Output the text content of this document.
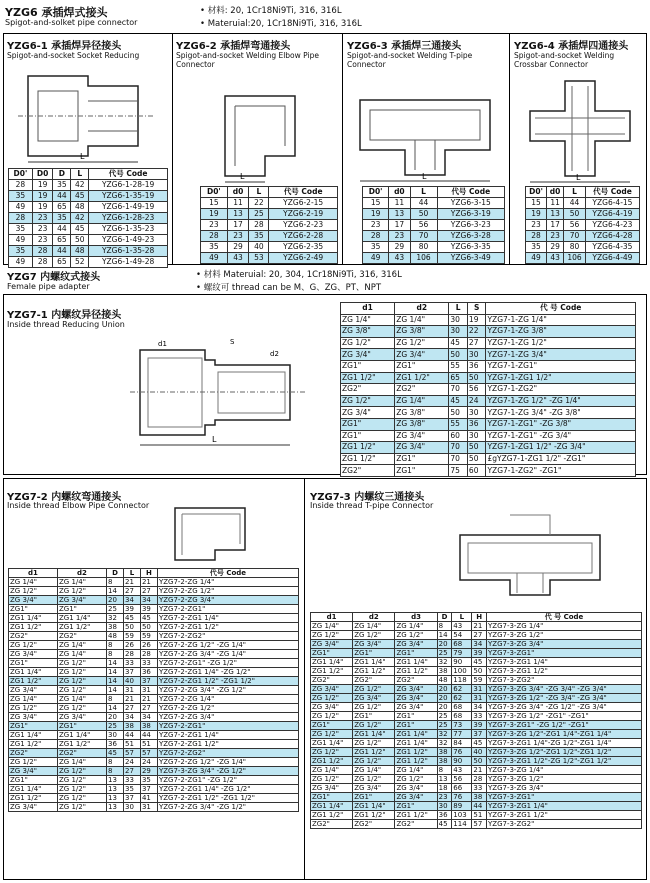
YZG6 承插焊式接头
Spigot-and-solket pipe connector
• 材料: 20, 1Cr18Ni9Ti, 316, 316L
• Materuial:20, 1Cr18Ni9Ti, 316, 316L
YZG6-1 承插焊异径接头
Spigot-and-socket Socket Reducing
L
D0'	D0	D	L	代号 Code
28	19	35	42	YZG6-1-28-19
35	19	44	45	YZG6-1-35-19
49	19	65	48	YZG6-1-49-19
28	23	35	42	YZG6-1-28-23
35	23	44	45	YZG6-1-35-23
49	23	65	50	YZG6-1-49-23
35	28	44	48	YZG6-1-35-28
49	28	65	52	YZG6-1-49-28
YZG6-2 承插焊弯通接头
Spigot-and-socket Welding Elbow Pipe Connector
L
D0'	d0	L	代号 Code
15	11	22	YZG6-2-15
19	13	25	YZG6-2-19
23	17	28	YZG6-2-23
28	23	35	YZG6-2-28
35	29	40	YZG6-2-35
49	43	53	YZG6-2-49
YZG6-3 承插焊三通接头
Spigot-and-socket Welding T-pipe Connector
L
D0'	d0	L	代号 Code
15	11	44	YZG6-3-15
19	13	50	YZG6-3-19
23	17	56	YZG6-3-23
28	23	70	YZG6-3-28
35	29	80	YZG6-3-35
49	43	106	YZG6-3-49
YZG6-4 承插焊四通接头
Spigot-and-socket Welding Crossbar Connector
L
D0'	d0	L	代号 Code
15	11	44	YZG6-4-15
19	13	50	YZG6-4-19
23	17	56	YZG6-4-23
28	23	70	YZG6-4-28
35	29	80	YZG6-4-35
49	43	106	YZG6-4-49
YZG7 内螺纹式接头
Female pipe adapter
• 材料 Materuial: 20, 304, 1Cr18Ni9Ti, 316, 316L
• 螺纹可 thread can be M、G、ZG、PT、NPT
YZG7-1 内螺纹异径接头
Inside thread Reducing Union
L
d1	S
d2
d1	d2	L	S	代 号 Code
ZG 1/4"	ZG 1/4"	30	19	YZG7-1-ZG 1/4"
ZG 3/8"	ZG 3/8"	30	22	YZG7-1-ZG 3/8"
ZG 1/2"	ZG 1/2"	45	27	YZG7-1-ZG 1/2"
ZG 3/4"	ZG 3/4"	50	30	YZG7-1-ZG 3/4"
ZG1"	ZG1"	55	36	YZG7-1-ZG1"
ZG1 1/2"	ZG1 1/2"	65	50	YZG7-1-ZG1 1/2"
ZG2"	ZG2"	70	56	YZG7-1-ZG2"
ZG 1/2"	ZG 1/4"	45	24	YZG7-1-ZG 1/2" -ZG 1/4"
ZG 3/4"	ZG 3/8"	50	30	YZG7-1-ZG 3/4" -ZG 3/8"
ZG1"	ZG 3/8"	55	36	YZG7-1-ZG1" -ZG 3/8"
ZG1"	ZG 3/4"	60	30	YZG7-1-ZG1" -ZG 3/4"
ZG1 1/2"	ZG 3/4"	70	50	YZG7-1-ZG1 1/2" -ZG 3/4"
ZG1 1/2"	ZG1"	70	50	£gYZG7-1-ZG1 1/2" -ZG1"
ZG2"	ZG1"	75	60	YZG7-1-ZG2" -ZG1"
YZG7-2 内螺纹弯通接头
Inside thread Elbow Pipe Connector
d1	d2	D	L	H	代号 Code
ZG 1/4"	ZG 1/4"	8	21	21	YZG7-2-ZG 1/4"
ZG 1/2"	ZG 1/2"	14	27	27	YZG7-2-ZG 1/2"
ZG 3/4"	ZG 3/4"	20	34	34	YZG7-2-ZG 3/4"
ZG1"	ZG1"	25	39	39	YZG7-2-ZG1"
ZG1 1/4"	ZG1 1/4"	32	45	45	YZG7-2-ZG1 1/4"
ZG1 1/2"	ZG1 1/2"	38	50	50	YZG7-2-ZG1 1/2"
ZG2"	ZG2"	48	59	59	YZG7-2-ZG2"
ZG 1/2"	ZG 1/4"	8	26	26	YZG7-2-ZG 1/2" -ZG 1/4"
ZG 3/4"	ZG 1/4"	8	28	28	YZG7-2-ZG 3/4" -ZG 1/4"
ZG1"	ZG 1/2"	14	33	33	YZG7-2-ZG1" -ZG 1/2"
ZG1 1/4"	ZG 1/2"	14	37	36	YZG7-2-ZG1 1/4" -ZG 1/2"
ZG1 1/2"	ZG 1/2"	14	40	37	YZG7-2-ZG1 1/2" -ZG1 1/2"
ZG 3/4"	ZG 1/2"	14	31	31	YZG7-2-ZG 3/4" -ZG 1/2"
ZG 1/4"	ZG 1/4"	8	21	21	YZG7-2-ZG 1/4"
ZG 1/2"	ZG 1/2"	14	27	27	YZG7-2-ZG 1/2"
ZG 3/4"	ZG 3/4"	20	34	34	YZG7-2-ZG 3/4"
ZG1"	ZG1"	25	38	38	YZG7-2-ZG1"
ZG1 1/4"	ZG1 1/4"	30	44	44	YZG7-2-ZG1 1/4"
ZG1 1/2"	ZG1 1/2"	36	51	51	YZG7-2-ZG1 1/2"
ZG2"	ZG2"	45	57	57	YZG7-2-ZG2"
ZG 1/2"	ZG 1/4"	8	24	24	YZG7-2-ZG 1/2" -ZG 1/4"
ZG 3/4"	ZG 1/2"	8	27	29	YZG7-3-ZG 3/4" -ZG 1/2"
ZG1"	ZG 1/2"	13	33	35	YZG7-2-ZG1" -ZG 1/2"
ZG1 1/4"	ZG 1/2"	13	35	37	YZG7-2-ZG1 1/4" -ZG 1/2"
ZG1 1/2"	ZG 1/2"	13	37	41	YZG7-2-ZG1 1/2" -ZG1 1/2"
ZG 3/4"	ZG 1/2"	13	30	31	YZG7-2-ZG 3/4" -ZG 1/2"
YZG7-3 内螺纹三通接头
Inside thread T-pipe Connector
d1	d2	d3	D	L	H	代 号 Code
ZG 1/4"	ZG 1/4"	ZG 1/4"	8	43	21	YZG7-3-ZG 1/4"
ZG 1/2"	ZG 1/2"	ZG 1/2"	14	54	27	YZG7-3-ZG 1/2"
ZG 3/4"	ZG 3/4"	ZG 3/4"	20	68	34	YZG7-3-ZG 3/4"
ZG1"	ZG1"	ZG1"	25	79	39	YZG7-3-ZG1"
ZG1 1/4"	ZG1 1/4"	ZG1 1/4"	32	90	45	YZG7-3-ZG1 1/4"
ZG1 1/2"	ZG1 1/2"	ZG1 1/2"	38	100	50	YZG7-3-ZG1 1/2"
ZG2"	ZG2"	ZG2"	48	118	59	YZG7-3-ZG2"
ZG 3/4"	ZG 1/2"	ZG 3/4"	20	62	31	YZG7-3-ZG 3/4" -ZG 3/4" -ZG 3/4"
ZG 1/2"	ZG 3/4"	ZG 3/4"	20	62	31	YZG7-3-ZG 1/2" -ZG 3/4" -ZG 3/4"
ZG 3/4"	ZG 1/2"	ZG 3/4"	20	68	34	YZG7-3-ZG 3/4" -ZG 1/2" -ZG 3/4"
ZG 1/2"	ZG1"	ZG1"	25	68	33	YZG7-3-ZG 1/2" -ZG1" -ZG1"
ZG1"	ZG 1/2"	ZG1"	25	73	39	YZG7-3-ZG1" -ZG 1/2" -ZG1"
ZG 1/2"	ZG1 1/4"	ZG1 1/4"	32	77	37	YZG7-3-ZG 1/2"-ZG1 1/4"-ZG1 1/4"
ZG1 1/4"	ZG 1/2"	ZG1 1/4"	32	84	45	YZG7-3-ZG1 1/4"-ZG 1/2"-ZG1 1/4"
ZG 1/2"	ZG1 1/2"	ZG1 1/2"	38	76	40	YZG7-3-ZG 1/2"-ZG1 1/2"-ZG1 1/2"
ZG1 1/2"	ZG 1/2"	ZG1 1/2"	38	90	50	YZG7-3-ZG1 1/2"-ZG 1/2"-ZG1 1/2"
ZG 1/4"	ZG 1/4"	ZG 1/4"	8	43	21	YZG7-3-ZG 1/4"
ZG 1/2"	ZG 1/2"	ZG 1/2"	13	56	28	YZG7-3-ZG 1/2"
ZG 3/4"	ZG 3/4"	ZG 3/4"	18	66	33	YZG7-3-ZG 3/4"
ZG1"	ZG1"	ZG 3/4"	23	76	38	YZG7-3-ZG1"
ZG1 1/4"	ZG1 1/4"	ZG1"	30	89	44	YZG7-3-ZG1 1/4"
ZG1 1/2"	ZG1 1/2"	ZG1 1/2"	36	103	51	YZG7-3-ZG1 1/2"
ZG2"	ZG2"	ZG2"	45	114	57	YZG7-3-ZG2"
